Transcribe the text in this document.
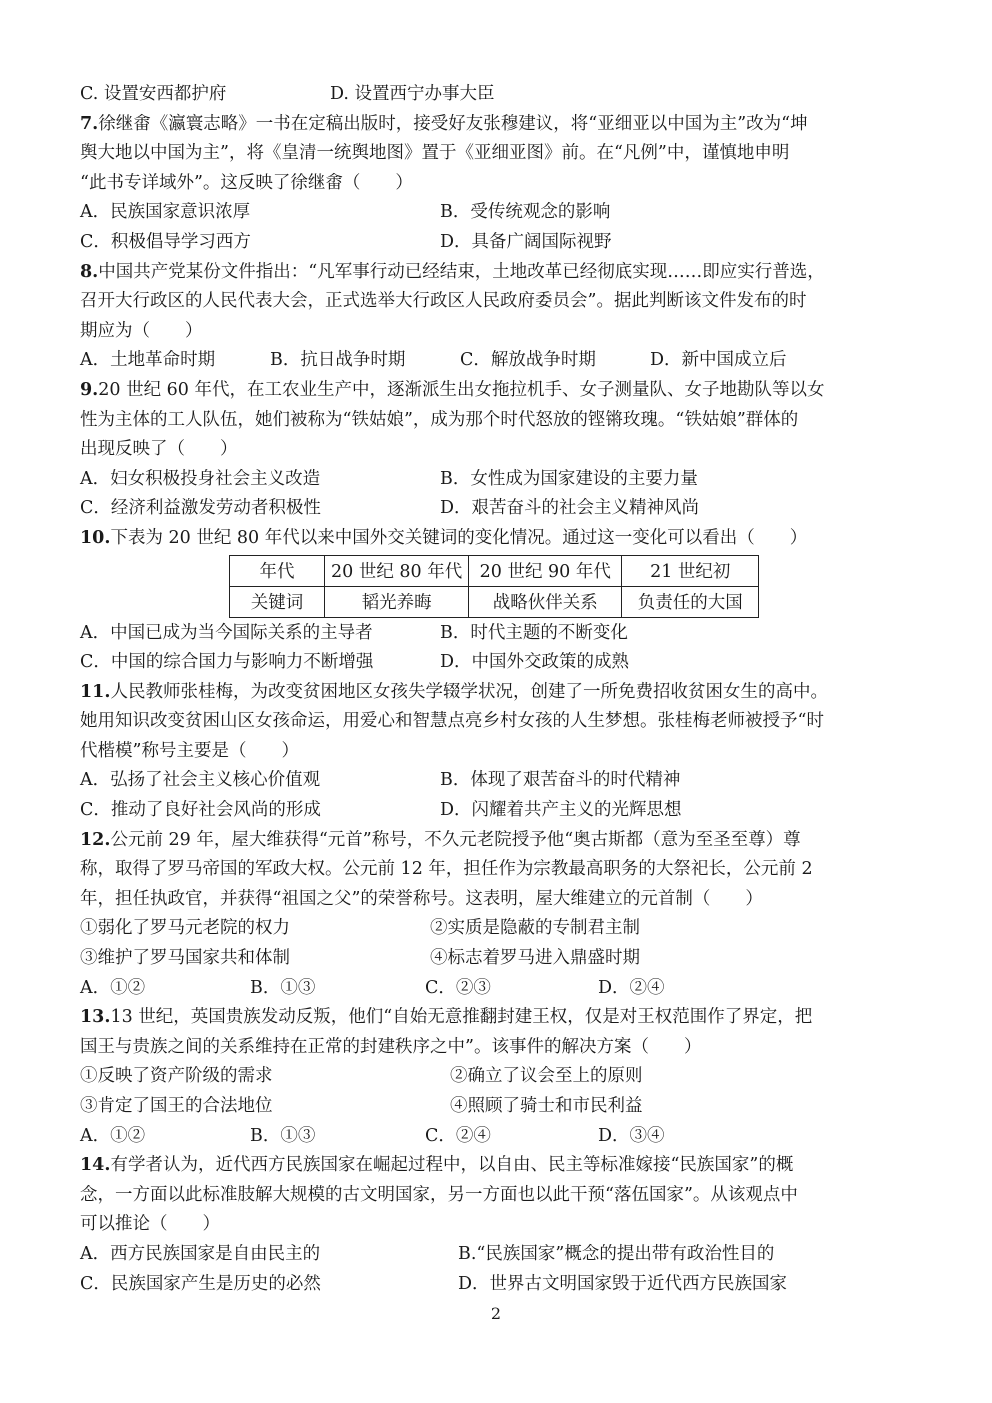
C. 设置安西都护府	D. 设置西宁办事大臣
7.徐继畬《瀛寰志略》一书在定稿出版时，接受好友张穆建议，将“亚细亚以中国为主”改为“坤
舆大地以中国为主”，将《皇清一统舆地图》置于《亚细亚图》前。在“凡例”中，谨慎地申明
“此书专详域外”。这反映了徐继畬（　　）
A．民族国家意识浓厚	B．受传统观念的影响
C．积极倡导学习西方	D．具备广阔国际视野
8.中国共产党某份文件指出：“凡军事行动已经结束，土地改革已经彻底实现……即应实行普选，
召开大行政区的人民代表大会，正式选举大行政区人民政府委员会”。据此判断该文件发布的时
期应为（　　）
A．土地革命时期	B．抗日战争时期	C．解放战争时期	D．新中国成立后
9.20 世纪 60 年代，在工农业生产中，逐渐派生出女拖拉机手、女子测量队、女子地勘队等以女
性为主体的工人队伍，她们被称为“铁姑娘”，成为那个时代怒放的铿锵玫瑰。“铁姑娘”群体的
出现反映了（　　）
A．妇女积极投身社会主义改造	B．女性成为国家建设的主要力量
C．经济利益激发劳动者积极性	D．艰苦奋斗的社会主义精神风尚
10.下表为 20 世纪 80 年代以来中国外交关键词的变化情况。通过这一变化可以看出（　　）
年代	20 世纪 80 年代	20 世纪 90 年代	21 世纪初
关键词	韬光养晦	战略伙伴关系	负责任的大国
A．中国已成为当今国际关系的主导者	B．时代主题的不断变化
C．中国的综合国力与影响力不断增强	D．中国外交政策的成熟
11.人民教师张桂梅，为改变贫困地区女孩失学辍学状况，创建了一所免费招收贫困女生的高中。
她用知识改变贫困山区女孩命运，用爱心和智慧点亮乡村女孩的人生梦想。张桂梅老师被授予“时
代楷模”称号主要是（　　）
A．弘扬了社会主义核心价值观	B．体现了艰苦奋斗的时代精神
C．推动了良好社会风尚的形成	D．闪耀着共产主义的光辉思想
12.公元前 29 年，屋大维获得“元首”称号，不久元老院授予他“奥古斯都（意为至圣至尊）尊
称，取得了罗马帝国的军政大权。公元前 12 年，担任作为宗教最高职务的大祭祀长，公元前 2
年，担任执政官，并获得“祖国之父”的荣誉称号。这表明，屋大维建立的元首制（　　）
①弱化了罗马元老院的权力	②实质是隐蔽的专制君主制
③维护了罗马国家共和体制	④标志着罗马进入鼎盛时期
A．①②	B．①③	C．②③	D．②④
13.13 世纪，英国贵族发动反叛，他们“自始无意推翻封建王权，仅是对王权范围作了界定，把
国王与贵族之间的关系维持在正常的封建秩序之中”。该事件的解决方案（　　）
①反映了资产阶级的需求	②确立了议会至上的原则
③肯定了国王的合法地位	④照顾了骑士和市民利益
A．①②	B．①③	C．②④	D．③④
14.有学者认为，近代西方民族国家在崛起过程中，以自由、民主等标准嫁接“民族国家”的概
念，一方面以此标准肢解大规模的古文明国家，另一方面也以此干预“落伍国家”。从该观点中
可以推论（　　）
A．西方民族国家是自由民主的	B.“民族国家”概念的提出带有政治性目的
C．民族国家产生是历史的必然	D．世界古文明国家毁于近代西方民族国家
2
